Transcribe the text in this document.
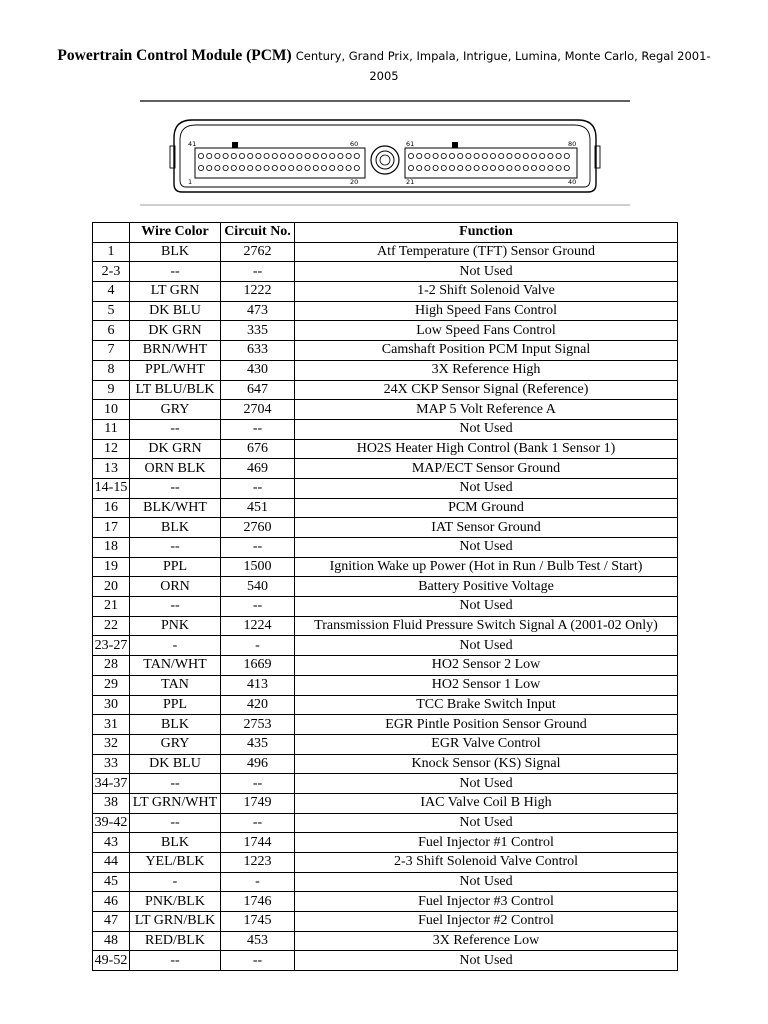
Powertrain Control Module (PCM) Century, Grand Prix, Impala, Intrigue, Lumina, Monte Carlo, Regal 2001-
2005
41	60
1	20
61	80
21	40
	Wire Color	Circuit No.	Function
1	BLK	2762	Atf Temperature (TFT) Sensor Ground
2-3	--	--	Not Used
4	LT GRN	1222	1-2 Shift Solenoid Valve
5	DK BLU	473	High Speed Fans Control
6	DK GRN	335	Low Speed Fans Control
7	BRN/WHT	633	Camshaft Position PCM Input Signal
8	PPL/WHT	430	3X Reference High
9	LT BLU/BLK	647	24X CKP Sensor Signal (Reference)
10	GRY	2704	MAP 5 Volt Reference A
11	--	--	Not Used
12	DK GRN	676	HO2S Heater High Control (Bank 1 Sensor 1)
13	ORN BLK	469	MAP/ECT Sensor Ground
14-15	--	--	Not Used
16	BLK/WHT	451	PCM Ground
17	BLK	2760	IAT Sensor Ground
18	--	--	Not Used
19	PPL	1500	Ignition Wake up Power (Hot in Run / Bulb Test / Start)
20	ORN	540	Battery Positive Voltage
21	--	--	Not Used
22	PNK	1224	Transmission Fluid Pressure Switch Signal A (2001-02 Only)
23-27	-	-	Not Used
28	TAN/WHT	1669	HO2 Sensor 2 Low
29	TAN	413	HO2 Sensor 1 Low
30	PPL	420	TCC Brake Switch Input
31	BLK	2753	EGR Pintle Position Sensor Ground
32	GRY	435	EGR Valve Control
33	DK BLU	496	Knock Sensor (KS) Signal
34-37	--	--	Not Used
38	LT GRN/WHT	1749	IAC Valve Coil B High
39-42	--	--	Not Used
43	BLK	1744	Fuel Injector #1 Control
44	YEL/BLK	1223	2-3 Shift Solenoid Valve Control
45	-	-	Not Used
46	PNK/BLK	1746	Fuel Injector #3 Control
47	LT GRN/BLK	1745	Fuel Injector #2 Control
48	RED/BLK	453	3X Reference Low
49-52	--	--	Not Used
